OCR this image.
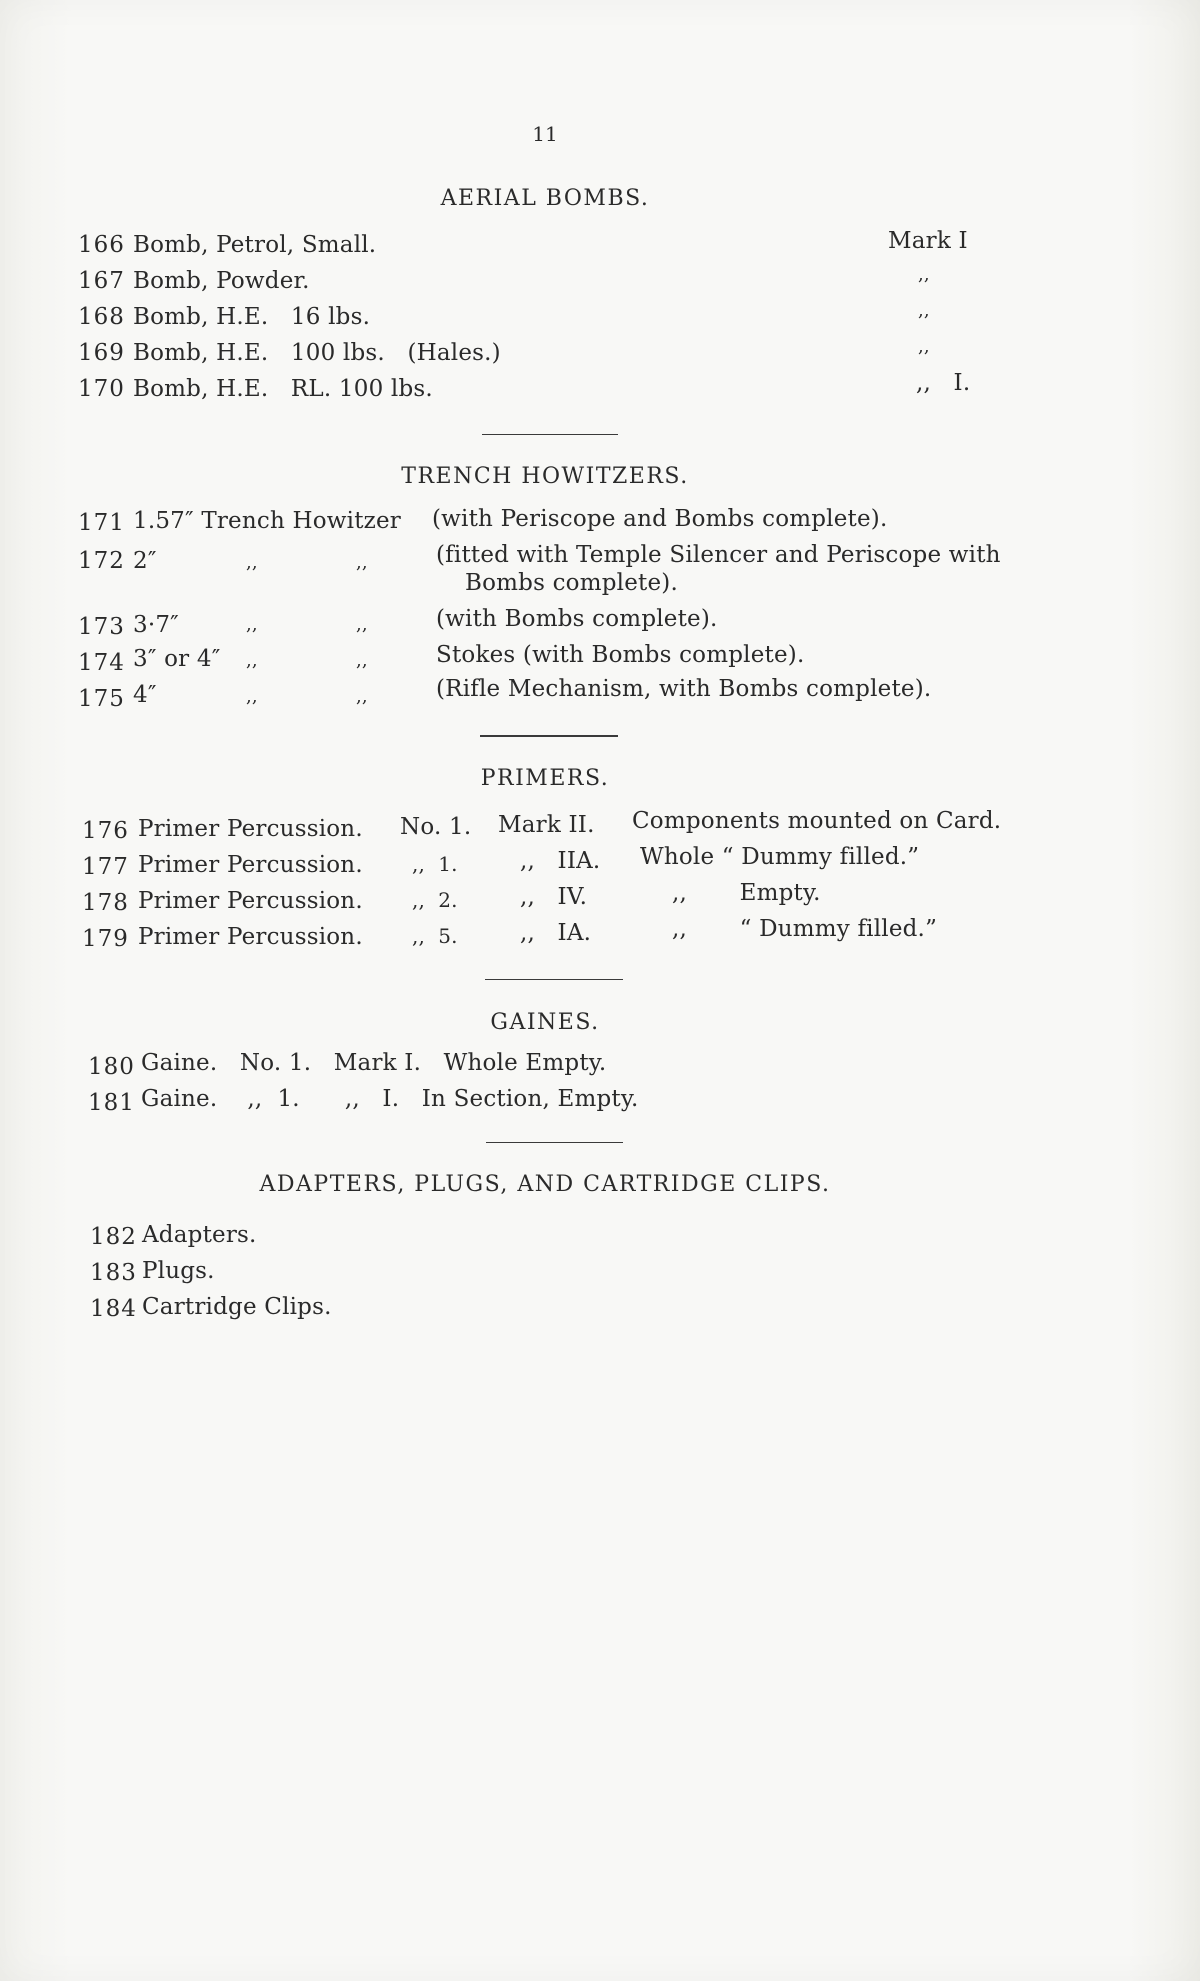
11
AERIAL BOMBS.
166 Bomb, Petrol, Small.	Mark I
167 Bomb, Powder.	,,
168 Bomb, H.E.   16 lbs.	,,
169 Bomb, H.E.   100 lbs.   (Hales.)	,,
170 Bomb, H.E.   RL. 100 lbs.	,,   I.
TRENCH HOWITZERS.
171 1.57″ Trench Howitzer (with Periscope and Bombs complete).
172 2″	,,	,,	(fitted with Temple Silencer and Periscope with
Bombs complete).
173 3·7″	,,	,,	(with Bombs complete).
174 3″ or 4″ ,,	,,	Stokes (with Bombs complete).
175 4″	,,	,,	(Rifle Mechanism, with Bombs complete).
PRIMERS.
176 Primer Percussion. No. 1. Mark II. Components mounted on Card.
177 Primer Percussion. ,,  1.	,,   IIA. Whole “ Dummy filled.”
178 Primer Percussion. ,,  2.	,,   IV.	,,       Empty.
179 Primer Percussion. ,,  5.	,,   IA.	,,       “ Dummy filled.”
GAINES.
180 Gaine.   No. 1.   Mark I.   Whole Empty.
181 Gaine.    ,,  1.      ,,   I.   In Section, Empty.
ADAPTERS, PLUGS, AND CARTRIDGE CLIPS.
182 Adapters.
183 Plugs.
184 Cartridge Clips.
